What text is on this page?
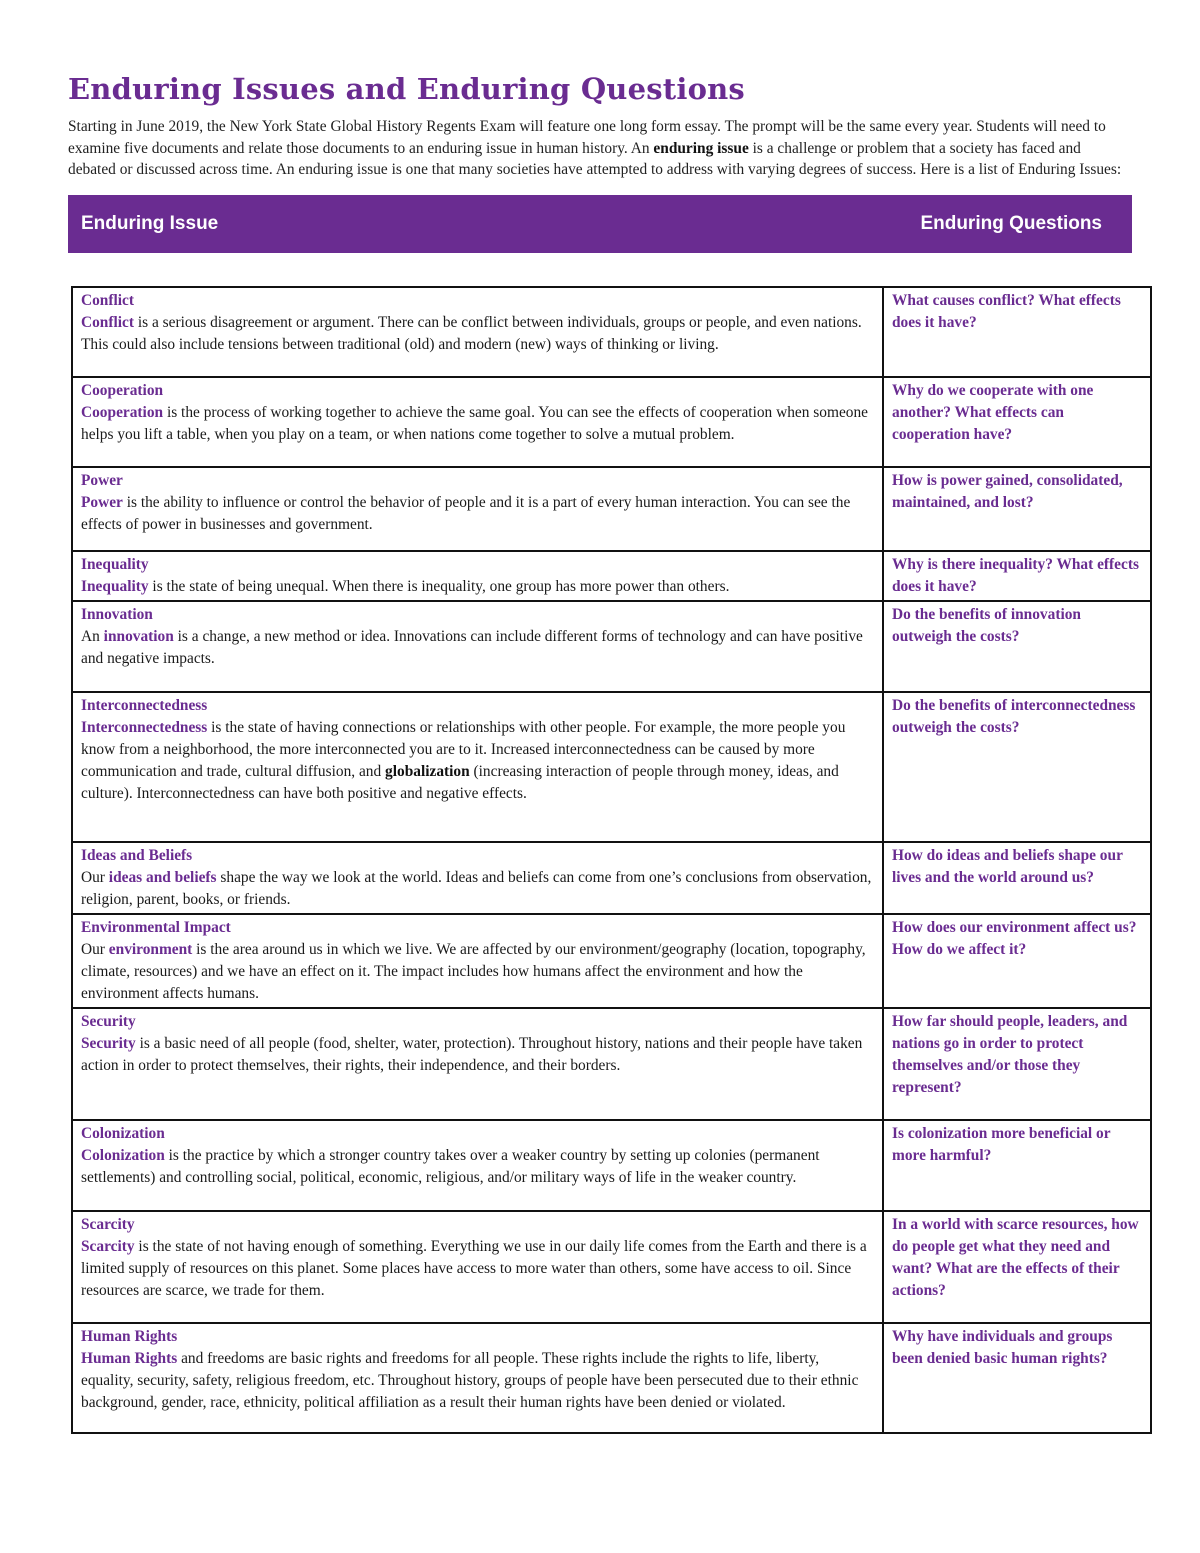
Enduring Issues and Enduring Questions

Starting in June 2019, the New York State Global History Regents Exam will feature one long form essay. The prompt will be the same every year. Students will need to examine five documents and relate those documents to an enduring issue in human history. An enduring issue is a challenge or problem that a society has faced and debated or discussed across time. An enduring issue is one that many societies have attempted to address with varying degrees of success. Here is a list of Enduring Issues:

Enduring Issue	Enduring Questions
Conflict
Conflict is a serious disagreement or argument. There can be conflict between individuals, groups or people, and even nations. This could also include tensions between traditional (old) and modern (new) ways of thinking or living.	What causes conflict? What effects does it have?

Cooperation
Cooperation is the process of working together to achieve the same goal. You can see the effects of cooperation when someone helps you lift a table, when you play on a team, or when nations come together to solve a mutual problem.	Why do we cooperate with one another? What effects can cooperation have?

Power
Power is the ability to influence or control the behavior of people and it is a part of every human interaction. You can see the effects of power in businesses and government.	How is power gained, consolidated, maintained, and lost?

Inequality
Inequality is the state of being unequal. When there is inequality, one group has more power than others.	Why is there inequality? What effects does it have?

Innovation
An innovation is a change, a new method or idea. Innovations can include different forms of technology and can have positive and negative impacts.	Do the benefits of innovation outweigh the costs?

Interconnectedness
Interconnectedness is the state of having connections or relationships with other people. For example, the more people you know from a neighborhood, the more interconnected you are to it. Increased interconnectedness can be caused by more communication and trade, cultural diffusion, and globalization (increasing interaction of people through money, ideas, and culture). Interconnectedness can have both positive and negative effects.	Do the benefits of interconnectedness outweigh the costs?

Ideas and Beliefs
Our ideas and beliefs shape the way we look at the world. Ideas and beliefs can come from one’s conclusions from observation, religion, parent, books, or friends.	How do ideas and beliefs shape our lives and the world around us?

Environmental Impact
Our environment is the area around us in which we live. We are affected by our environment/geography (location, topography, climate, resources) and we have an effect on it. The impact includes how humans affect the environment and how the environment affects humans.	How does our environment affect us? How do we affect it?

Security
Security is a basic need of all people (food, shelter, water, protection). Throughout history, nations and their people have taken action in order to protect themselves, their rights, their independence, and their borders.	How far should people, leaders, and nations go in order to protect themselves and/or those they represent?

Colonization
Colonization is the practice by which a stronger country takes over a weaker country by setting up colonies (permanent settlements) and controlling social, political, economic, religious, and/or military ways of life in the weaker country.	Is colonization more beneficial or more harmful?

Scarcity
Scarcity is the state of not having enough of something. Everything we use in our daily life comes from the Earth and there is a limited supply of resources on this planet. Some places have access to more water than others, some have access to oil. Since resources are scarce, we trade for them.	In a world with scarce resources, how do people get what they need and want? What are the effects of their actions?

Human Rights
Human Rights and freedoms are basic rights and freedoms for all people. These rights include the rights to life, liberty, equality, security, safety, religious freedom, etc. Throughout history, groups of people have been persecuted due to their ethnic background, gender, race, ethnicity, political affiliation as a result their human rights have been denied or violated.	Why have individuals and groups been denied basic human rights?
